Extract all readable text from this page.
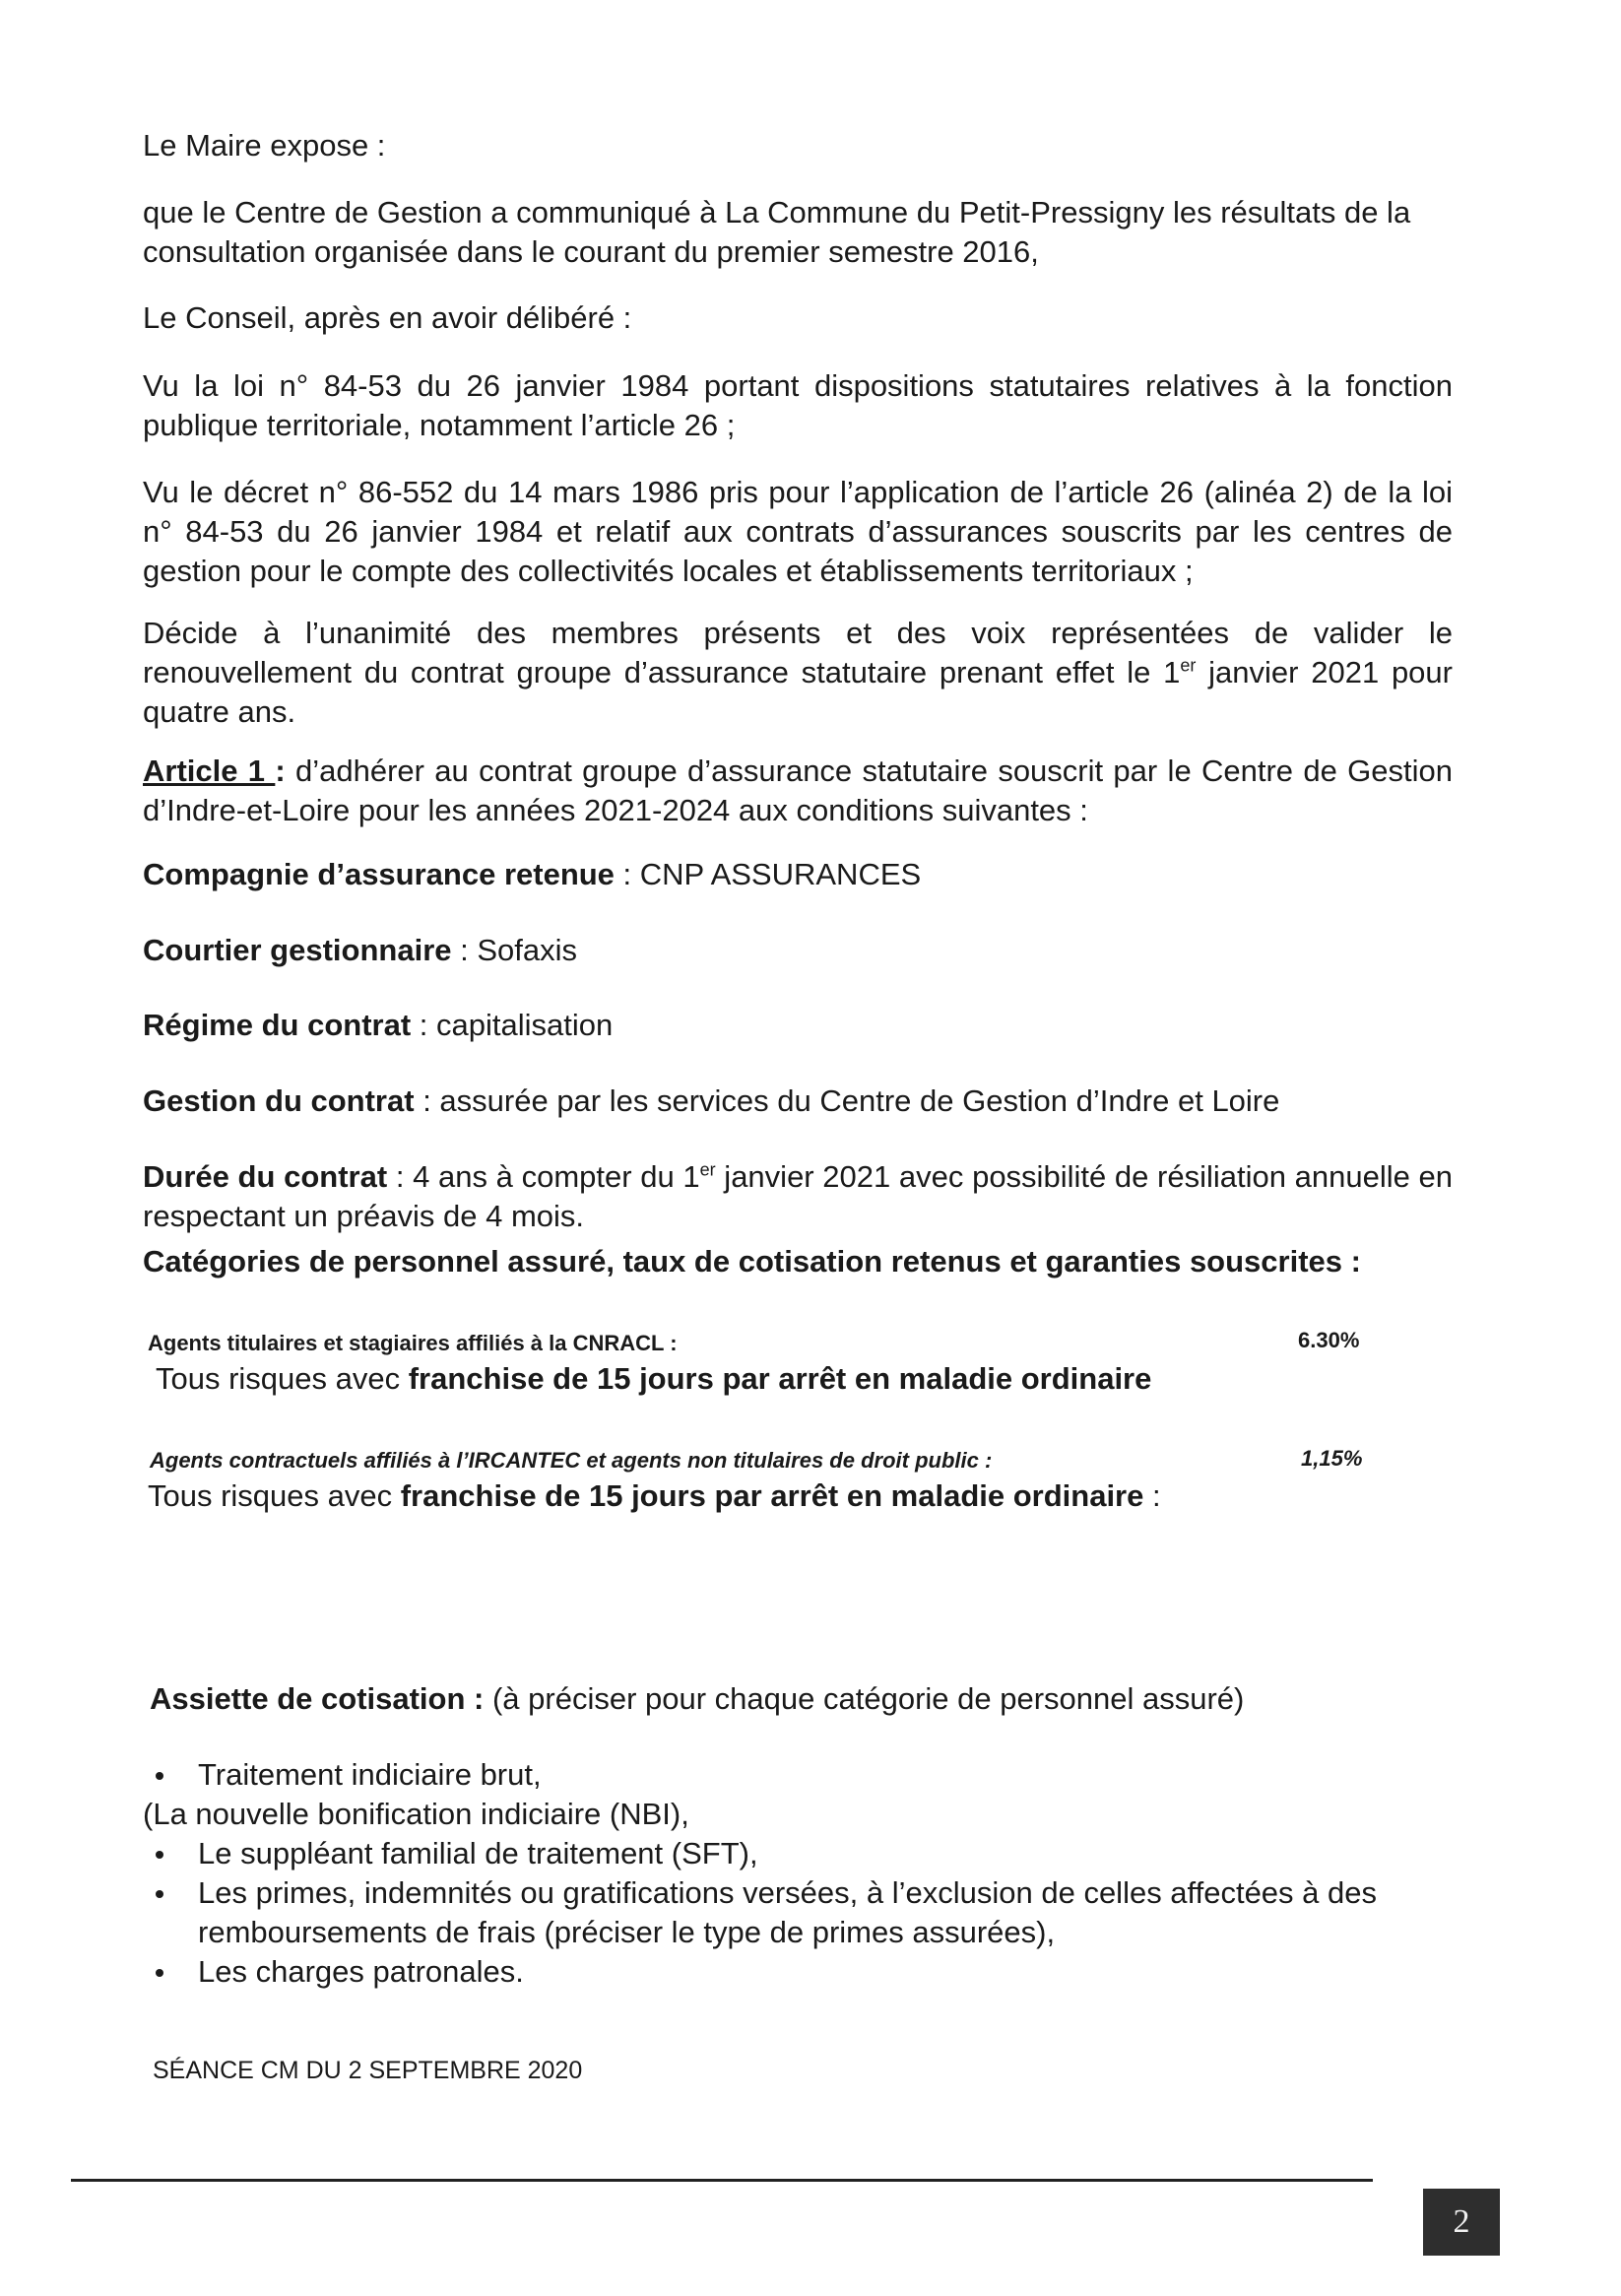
Le Maire expose :

que le Centre de Gestion a communiqué à La Commune du Petit-Pressigny les résultats de la consultation organisée dans le courant du premier semestre 2016,

Le Conseil, après en avoir délibéré :

Vu la loi n° 84-53 du 26 janvier 1984 portant dispositions statutaires relatives à la fonction publique territoriale, notamment l’article 26 ;

Vu le décret n° 86-552 du 14 mars 1986 pris pour l’application de l’article 26 (alinéa 2) de la loi n° 84-53 du 26 janvier 1984 et relatif aux contrats d’assurances souscrits par les centres de gestion pour le compte des collectivités locales et établissements territoriaux ;

Décide à l’unanimité des membres présents et des voix représentées de valider le renouvellement du contrat groupe d’assurance statutaire prenant effet le 1er janvier 2021 pour quatre ans.

Article 1 : d’adhérer au contrat groupe d’assurance statutaire souscrit par le Centre de Gestion d’Indre-et-Loire pour les années 2021-2024 aux conditions suivantes :

Compagnie d’assurance retenue : CNP ASSURANCES

Courtier gestionnaire : Sofaxis

Régime du contrat : capitalisation

Gestion du contrat : assurée par les services du Centre de Gestion d’Indre et Loire

Durée du contrat : 4 ans à compter du 1er janvier 2021 avec possibilité de résiliation annuelle en respectant un préavis de 4 mois.

Catégories de personnel assuré, taux de cotisation retenus et garanties souscrites :

Agents titulaires et stagiaires affiliés à la CNRACL :	6.30%
Tous risques avec franchise de 15 jours par arrêt en maladie ordinaire
Agents contractuels affiliés à l’IRCANTEC et agents non titulaires de droit public :	1,15%
Tous risques avec franchise de 15 jours par arrêt en maladie ordinaire :

Assiette de cotisation : (à préciser pour chaque catégorie de personnel assuré)

Traitement indiciaire brut,
(La nouvelle bonification indiciaire (NBI),
Le suppléant familial de traitement (SFT),
Les primes, indemnités ou gratifications versées, à l’exclusion de celles affectées à des remboursements de frais (préciser le type de primes assurées),
Les charges patronales.
SÉANCE CM DU 2 SEPTEMBRE 2020
2
